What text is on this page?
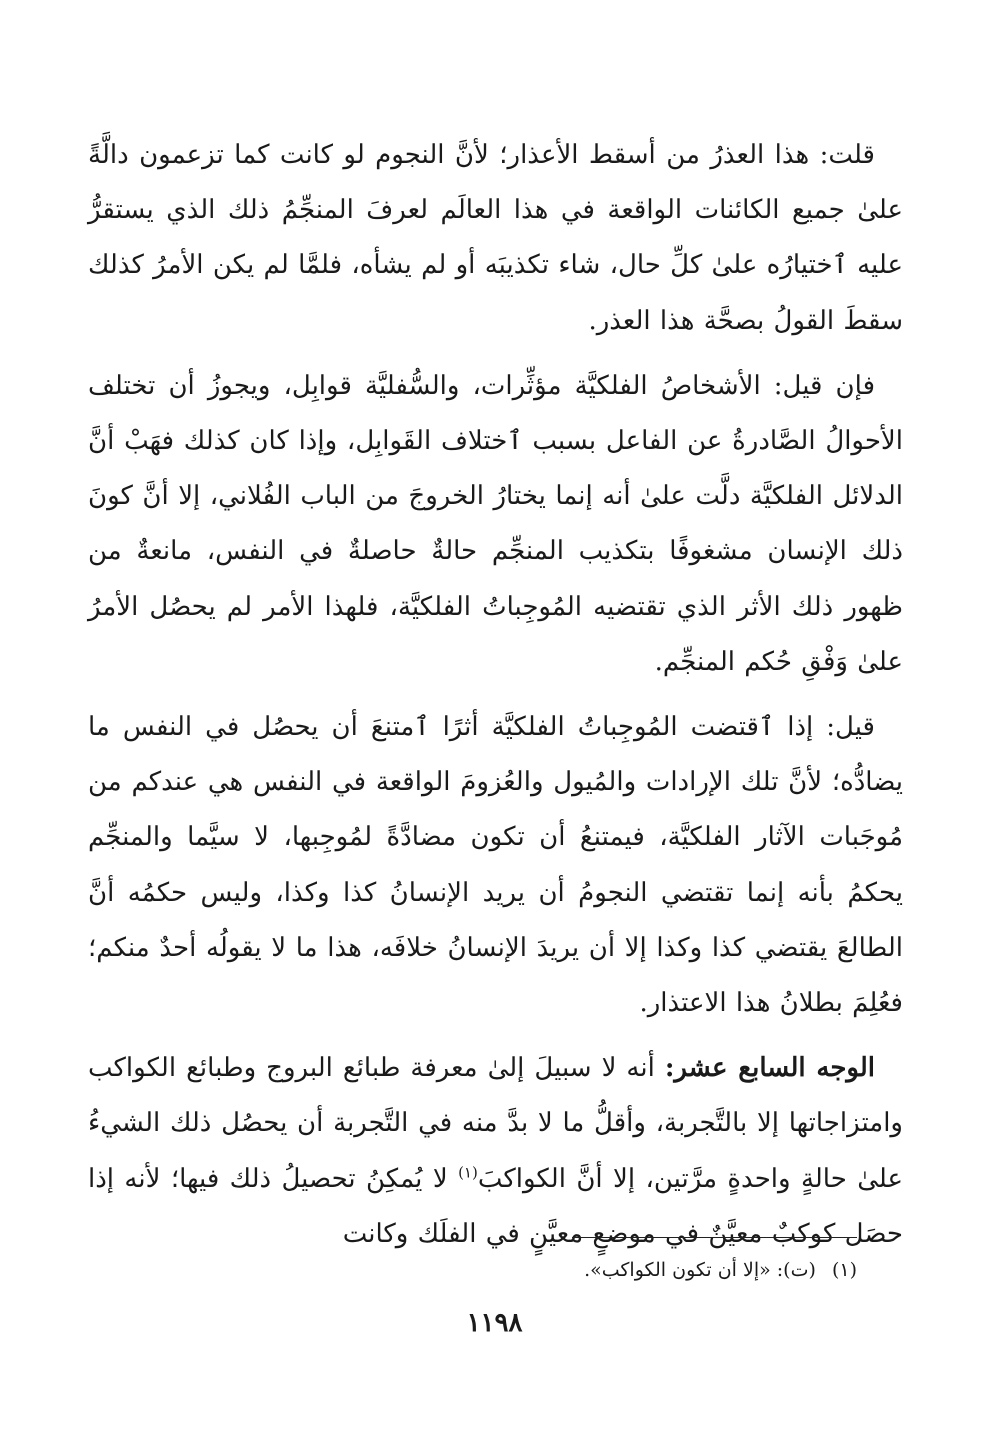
قلت: هذا العذرُ من أسقط الأعذار؛ لأنَّ النجوم لو كانت كما تزعمون دالَّةً علىٰ جميع الكائنات الواقعة في هذا العالَم لعرفَ المنجِّمُ ذلك الذي يستقرُّ عليه ٱختيارُه علىٰ كلِّ حال، شاء تكذيبَه أو لم يشأه، فلمَّا لم يكن الأمرُ كذلك سقطَ القولُ بصحَّة هذا العذر.

فإن قيل: الأشخاصُ الفلكيَّة مؤثِّرات، والسُّفليَّة قوابِل، ويجوزُ أن تختلف الأحوالُ الصَّادرةُ عن الفاعل بسبب ٱختلاف القَوابِل، وإذا كان كذلك فهَبْ أنَّ الدلائل الفلكيَّة دلَّت علىٰ أنه إنما يختارُ الخروجَ من الباب الفُلاني، إلا أنَّ كونَ ذلك الإنسان مشغوفًا بتكذيب المنجِّم حالةٌ حاصلةٌ في النفس، مانعةٌ من ظهور ذلك الأثر الذي تقتضيه المُوجِباتُ الفلكيَّة، فلهذا الأمر لم يحصُل الأمرُ علىٰ وَفْقِ حُكم المنجِّم.

قيل: إذا ٱقتضت المُوجِباتُ الفلكيَّة أثرًا ٱمتنعَ أن يحصُل في النفس ما يضادُّه؛ لأنَّ تلك الإرادات والمُيول والعُزومَ الواقعة في النفس هي عندكم من مُوجَبات الآثار الفلكيَّة، فيمتنعُ أن تكون مضادَّةً لمُوجِبها، لا سيَّما والمنجِّم يحكمُ بأنه إنما تقتضي النجومُ أن يريد الإنسانُ كذا وكذا، وليس حكمُه أنَّ الطالعَ يقتضي كذا وكذا إلا أن يريدَ الإنسانُ خلافَه، هذا ما لا يقولُه أحدٌ منكم؛ فعُلِمَ بطلانُ هذا الاعتذار.

الوجه السابع عشر: أنه لا سبيلَ إلىٰ معرفة طبائع البروج وطبائع الكواكب وامتزاجاتها إلا بالتَّجربة، وأقلُّ ما لا بدَّ منه في التَّجربة أن يحصُل ذلك الشيءُ علىٰ حالةٍ واحدةٍ مرَّتين، إلا أنَّ الكواكبَ$^{(١)}$ لا يُمكِنُ تحصيلُ ذلك فيها؛ لأنه إذا حصَل كوكبٌ معيَّنٌ في موضعٍ معيَّنٍ في الفلَك وكانت

(١) (ت): «إلا أن تكون الكواكب».
١١٩٨
